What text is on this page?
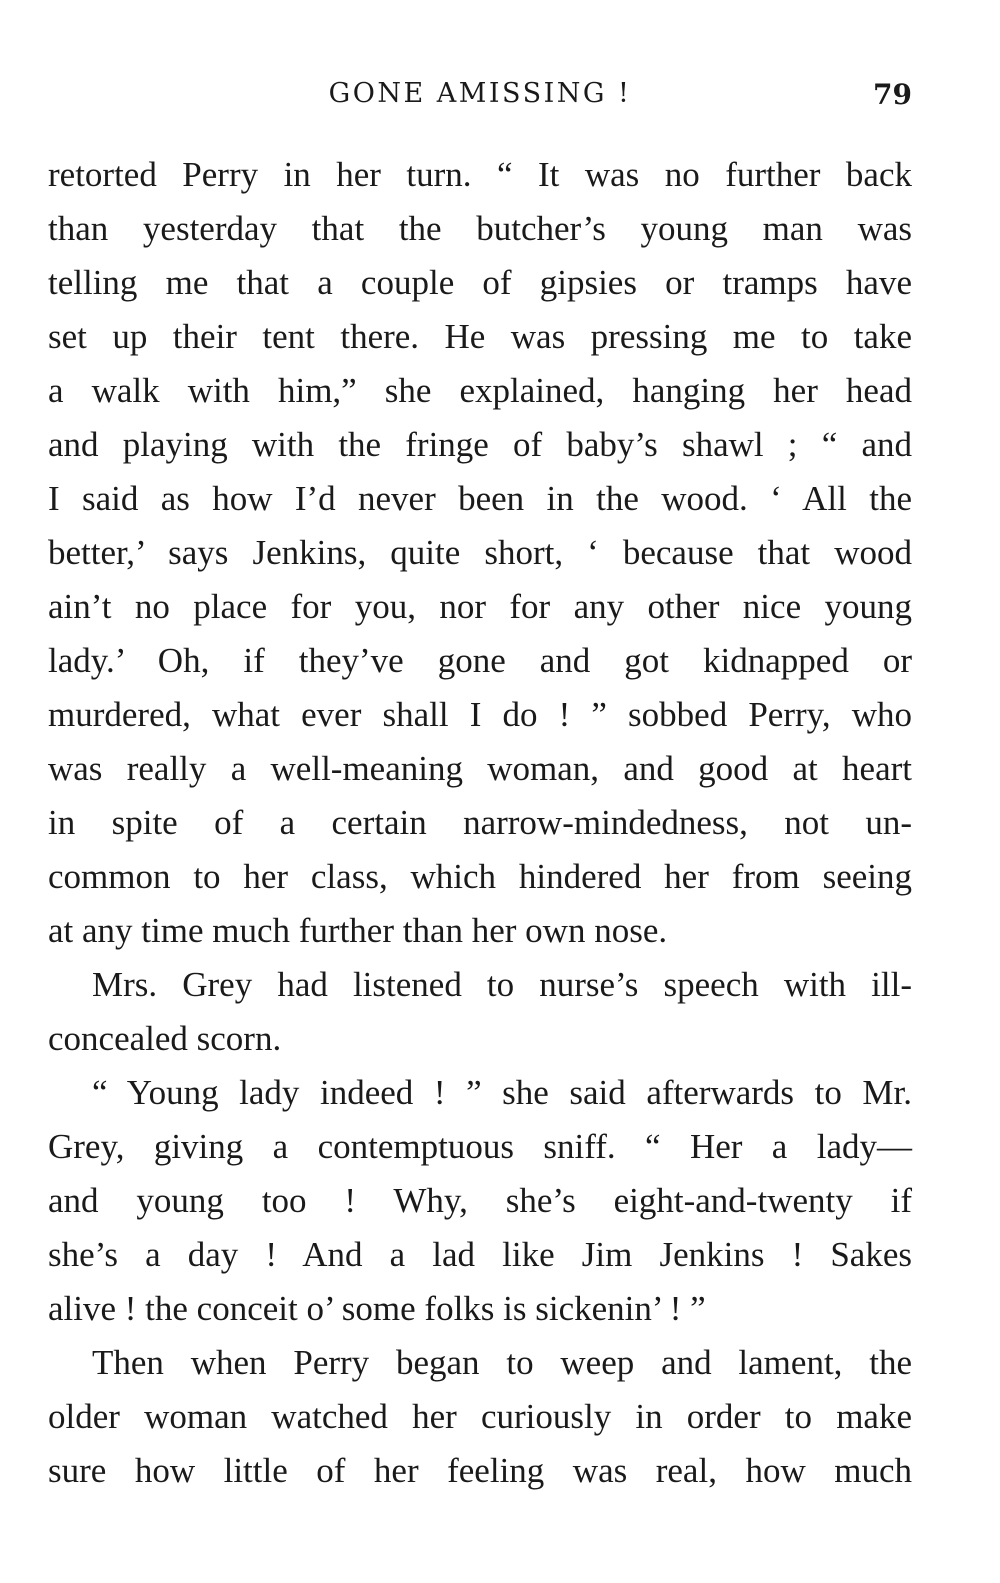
GONE AMISSING !	79
retorted Perry in her turn. “ It was no further back
than yesterday that the butcher’s young man was
telling me that a couple of gipsies or tramps have
set up their tent there. He was pressing me to take
a walk with him,” she explained, hanging her head
and playing with the fringe of baby’s shawl ; “ and
I said as how I’d never been in the wood. ‘ All the
better,’ says Jenkins, quite short, ‘ because that wood
ain’t no place for you, nor for any other nice young
lady.’ Oh, if they’ve gone and got kidnapped or
murdered, what ever shall I do ! ” sobbed Perry, who
was really a well-meaning woman, and good at heart
in spite of a certain narrow-mindedness, not un-
common to her class, which hindered her from seeing
at any time much further than her own nose.
Mrs. Grey had listened to nurse’s speech with ill-
concealed scorn.
“ Young lady indeed ! ” she said afterwards to Mr.
Grey, giving a contemptuous sniff. “ Her a lady—
and young too ! Why, she’s eight-and-twenty if
she’s a day ! And a lad like Jim Jenkins ! Sakes
alive ! the conceit o’ some folks is sickenin’ ! ”
Then when Perry began to weep and lament, the
older woman watched her curiously in order to make
sure how little of her feeling was real, how much
